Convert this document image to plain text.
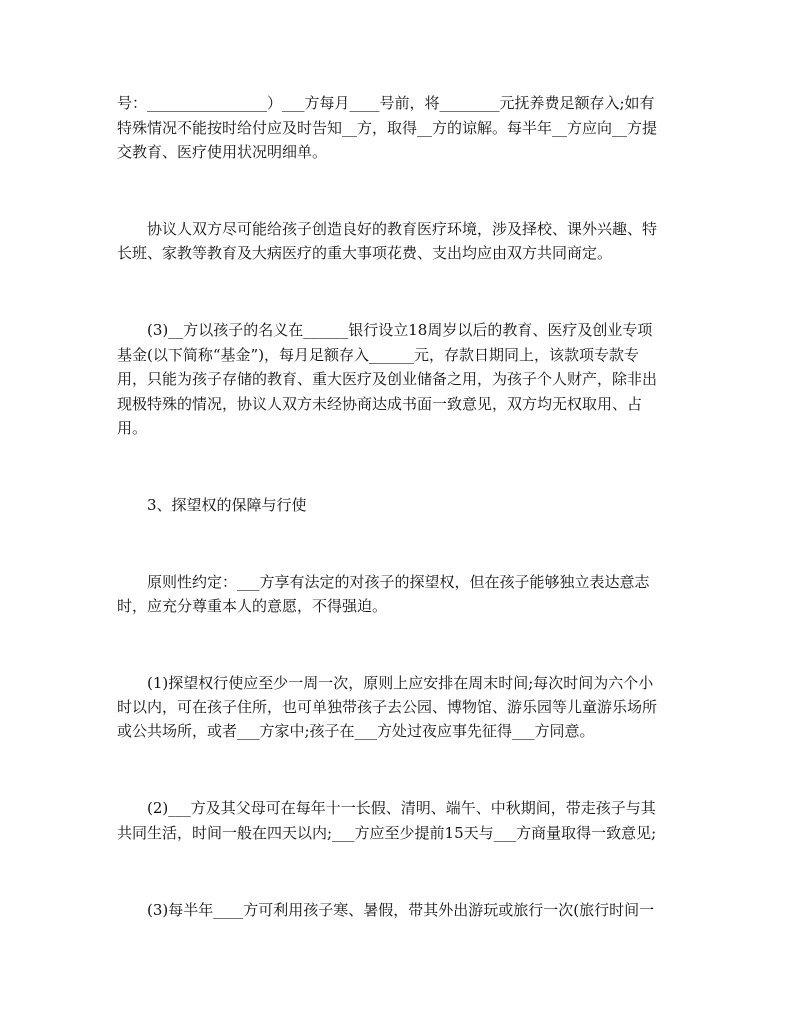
号：________________）___方每月____号前，将________元抚养费足额存入;如有
特殊情况不能按时给付应及时告知__方，取得__方的谅解。每半年__方应向__方提
交教育、医疗使用状况明细单。
协议人双方尽可能给孩子创造良好的教育医疗环境，涉及择校、课外兴趣、特
长班、家教等教育及大病医疗的重大事项花费、支出均应由双方共同商定。
(3)__方以孩子的名义在______银行设立18周岁以后的教育、医疗及创业专项
基金(以下简称“基金”)，每月足额存入______元，存款日期同上，该款项专款专
用，只能为孩子存储的教育、重大医疗及创业储备之用，为孩子个人财产，除非出
现极特殊的情况，协议人双方未经协商达成书面一致意见，双方均无权取用、占
用。
3、探望权的保障与行使
原则性约定：___方享有法定的对孩子的探望权，但在孩子能够独立表达意志
时，应充分尊重本人的意愿，不得强迫。
(1)探望权行使应至少一周一次，原则上应安排在周末时间;每次时间为六个小
时以内，可在孩子住所，也可单独带孩子去公园、博物馆、游乐园等儿童游乐场所
或公共场所，或者___方家中;孩子在___方处过夜应事先征得___方同意。
(2)___方及其父母可在每年十一长假、清明、端午、中秋期间，带走孩子与其
共同生活，时间一般在四天以内;___方应至少提前15天与___方商量取得一致意见;
(3)每半年____方可利用孩子寒、暑假，带其外出游玩或旅行一次(旅行时间一
